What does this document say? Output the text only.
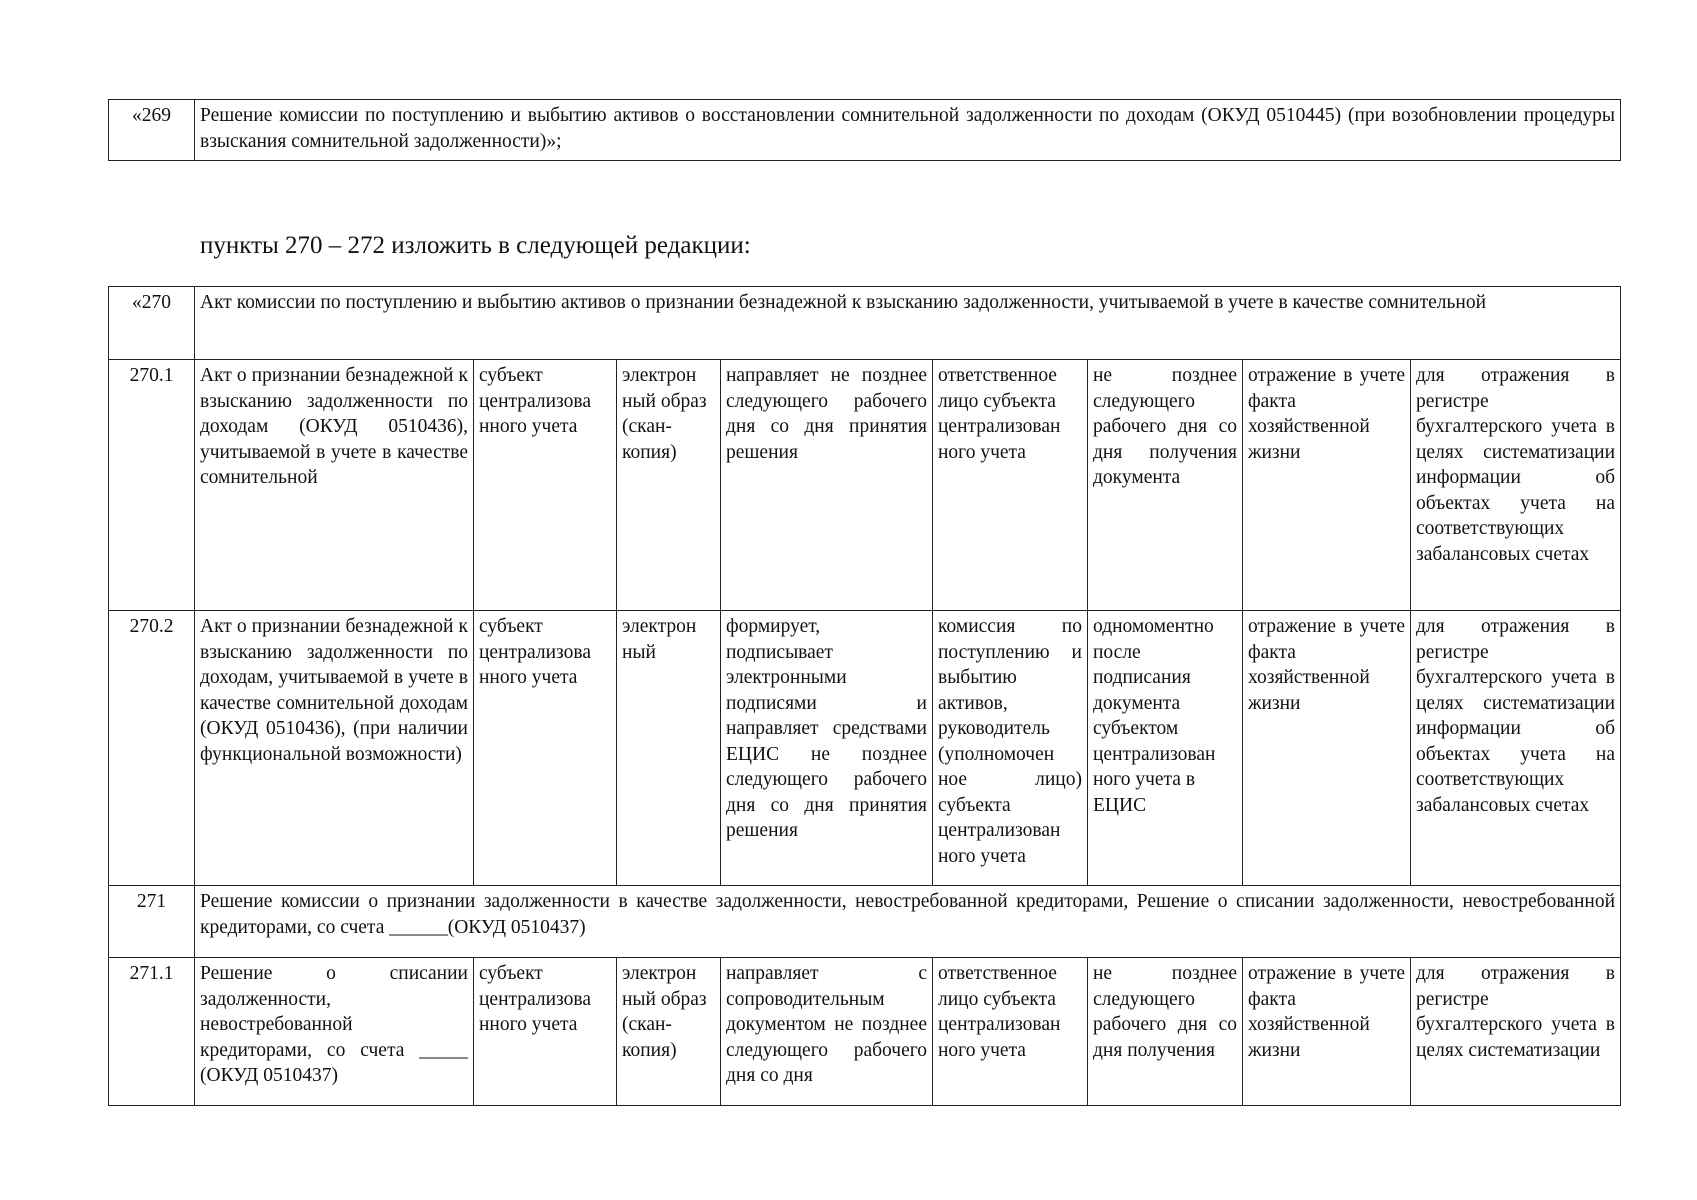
«269	Решение комиссии по поступлению и выбытию активов о восстановлении сомнительной задолженности по доходам (ОКУД 0510445) (при возобновлении процедуры взыскания сомнительной задолженности)»;
пункты 270 – 272 изложить в следующей редакции:
«270	Акт комиссии по поступлению и выбытию активов о признании безнадежной к взысканию задолженности, учитываемой в учете в качестве сомнительной							
270.1	Акт о признании безнадежной к взысканию задолженности по доходам (ОКУД 0510436), учитываемой в учете в качестве сомнительной	субъект централизова нного учета	электрон ный образ (скан-копия)	направляет не позднее следующего рабочего дня со дня принятия решения	ответственное лицо субъекта централизован ного учета	не позднее следующего рабочего дня со дня получения документа	отражение в учете факта хозяйственной жизни	для отражения в регистре бухгалтерского учета в целях систематизации информации об объектах учета на соответствующих забалансовых счетах
270.2	Акт о признании безнадежной к взысканию задолженности по доходам, учитываемой в учете в качестве сомнительной доходам (ОКУД 0510436), (при наличии функциональной возможности)	субъект централизова нного учета	электрон ный	формирует, подписывает электронными подписями и направляет средствами ЕЦИС не позднее следующего рабочего дня со дня принятия решения	комиссия по поступлению и выбытию активов, руководитель (уполномочен ное лицо) субъекта централизован ного учета	одномоментно после подписания документа субъектом централизован ного учета в ЕЦИС	отражение в учете факта хозяйственной жизни	для отражения в регистре бухгалтерского учета в целях систематизации информации об объектах учета на соответствующих забалансовых счетах
271	Решение комиссии о признании задолженности в качестве задолженности, невостребованной кредиторами, Решение о списании задолженности, невостребованной кредиторами, со счета ______(ОКУД 0510437)							
271.1	Решение о списании задолженности, невостребованной кредиторами, со счета _____ (ОКУД 0510437)	субъект централизова нного учета	электрон ный образ (скан-копия)	направляет с сопроводительным документом не позднее следующего рабочего дня со дня	ответственное лицо субъекта централизован ного учета	не позднее следующего рабочего дня со дня получения	отражение в учете факта хозяйственной жизни	для отражения в регистре бухгалтерского учета в целях систематизации
